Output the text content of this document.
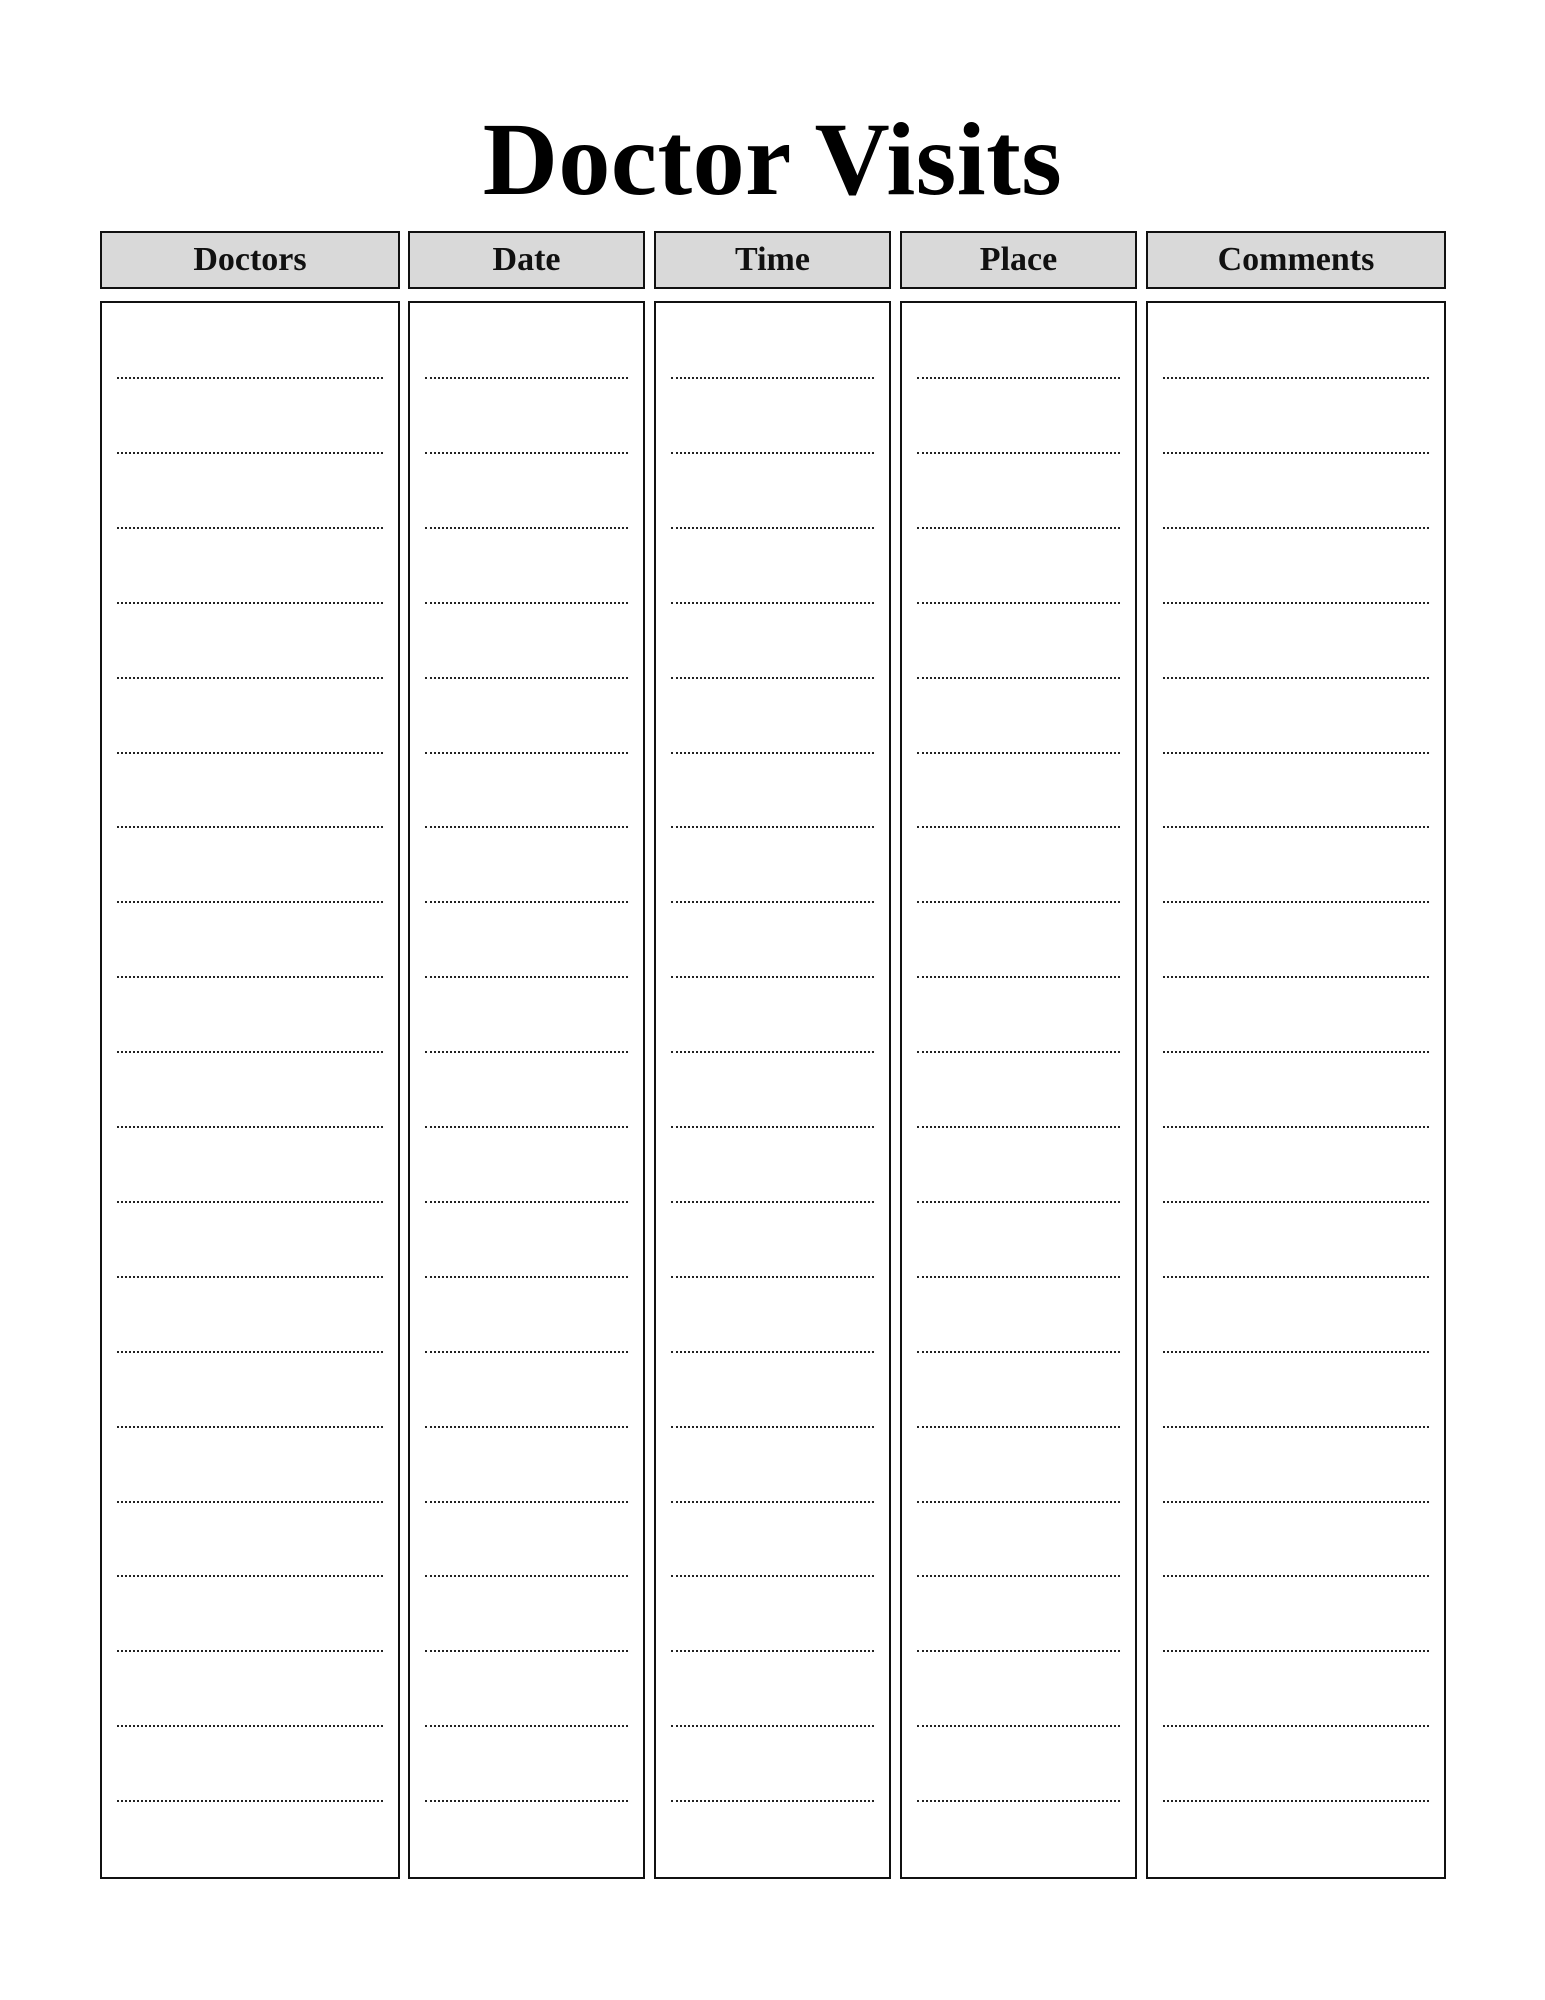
Doctor Visits
Doctors	Date	Time	Place	Comments
